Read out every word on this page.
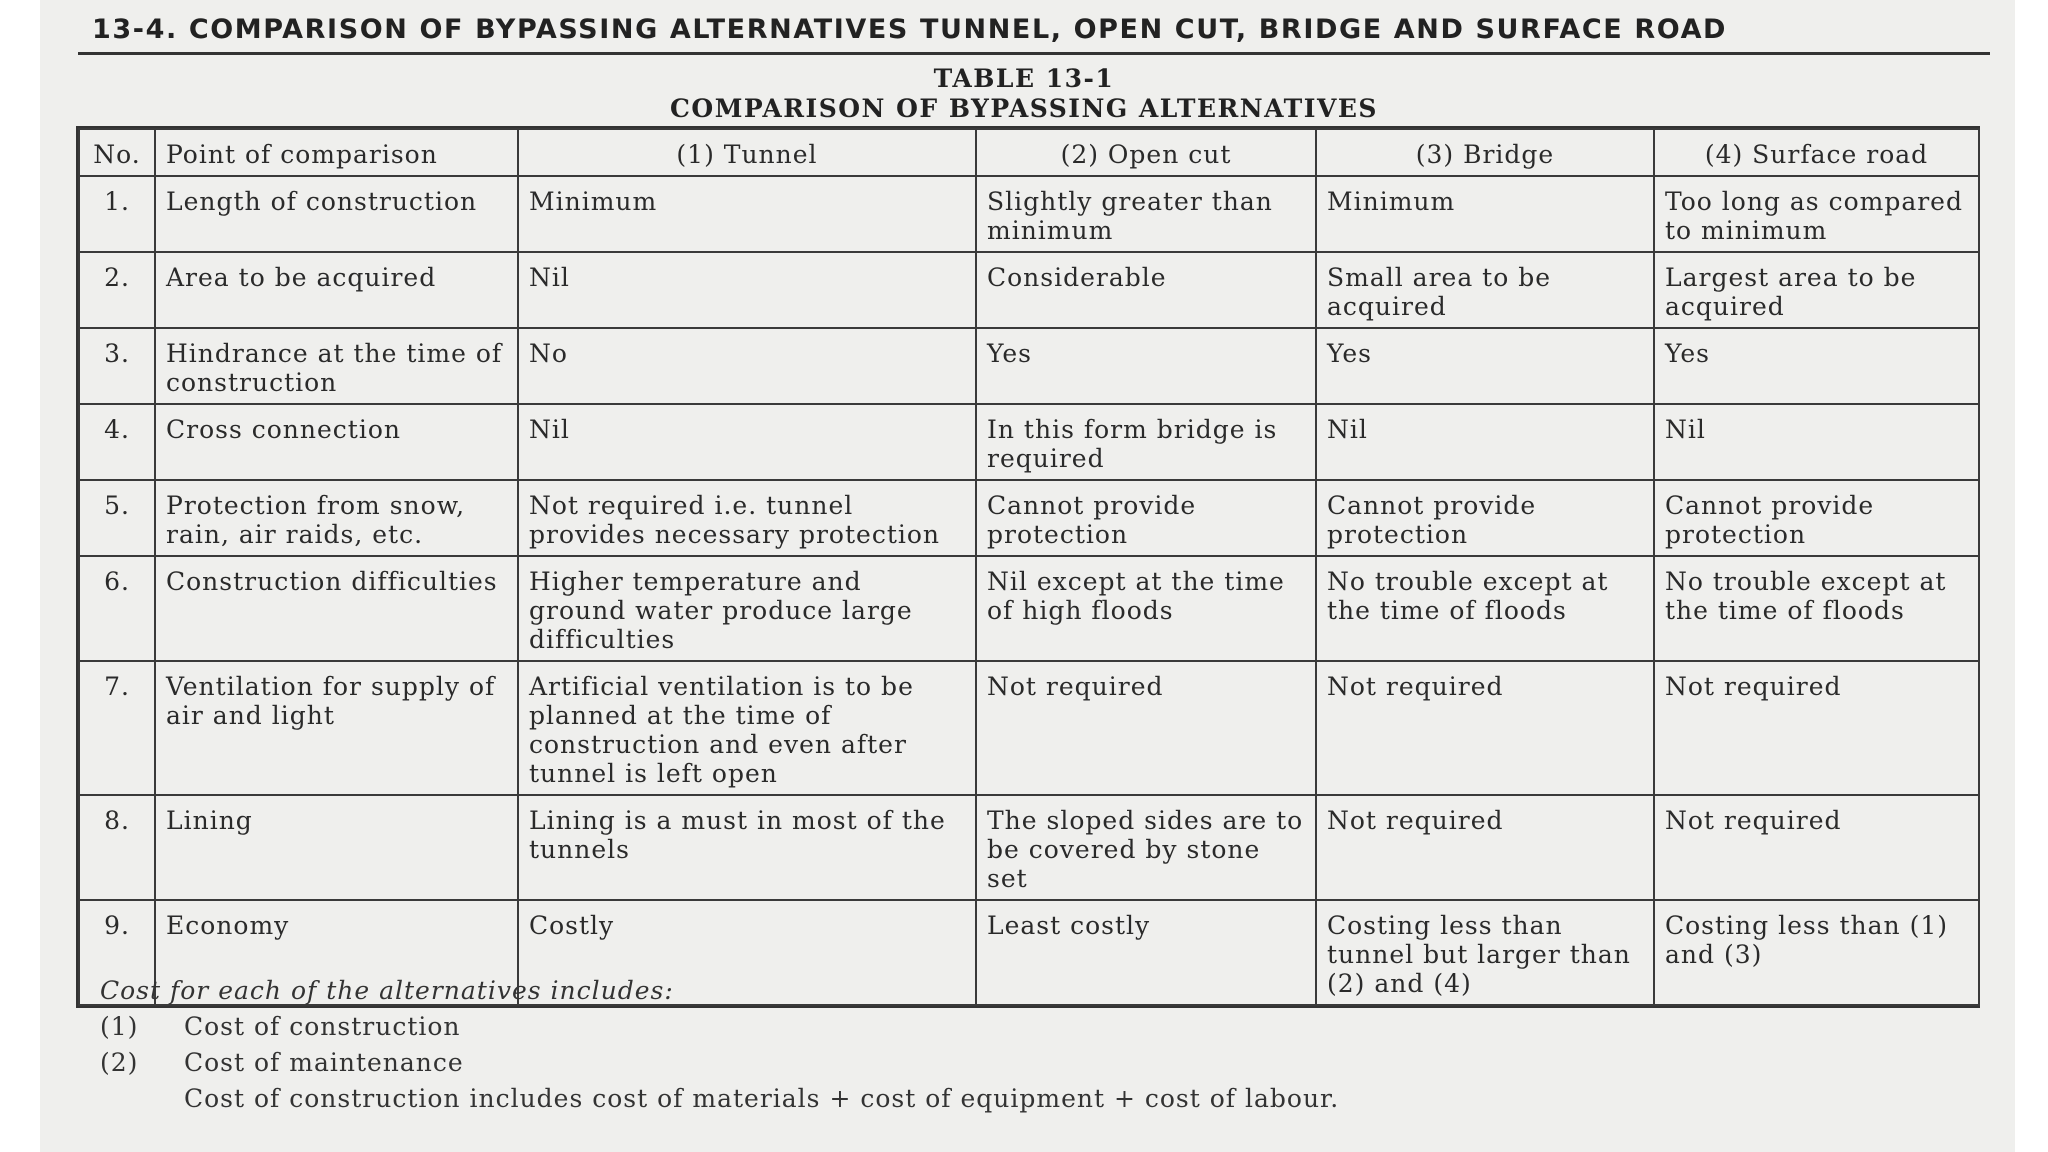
13-4. COMPARISON OF BYPASSING ALTERNATIVES TUNNEL, OPEN CUT, BRIDGE AND SURFACE ROAD
TABLE 13-1
COMPARISON OF BYPASSING ALTERNATIVES
No.	Point of comparison	(1) Tunnel	(2) Open cut	(3) Bridge	(4) Surface road
1.	Length of construction	Minimum	Slightly greater than minimum	Minimum	Too long as compared to minimum
2.	Area to be acquired	Nil	Considerable	Small area to be acquired	Largest area to be acquired
3.	Hindrance at the time of construction	No	Yes	Yes	Yes
4.	Cross connection	Nil	In this form bridge is required	Nil	Nil
5.	Protection from snow, rain, air raids, etc.	Not required i.e. tunnel provides necessary protection	Cannot provide protection	Cannot provide protection	Cannot provide protection
6.	Construction difficulties	Higher temperature and ground water produce large difficulties	Nil except at the time of high floods	No trouble except at the time of floods	No trouble except at the time of floods
7.	Ventilation for supply of air and light	Artificial ventilation is to be planned at the time of construction and even after tunnel is left open	Not required	Not required	Not required
8.	Lining	Lining is a must in most of the tunnels	The sloped sides are to be covered by stone set	Not required	Not required
9.	Economy	Costly	Least costly	Costing less than tunnel but larger than (2) and (4)	Costing less than (1) and (3)
Cost for each of the alternatives includes:
(1)	Cost of construction
(2)	Cost of maintenance
Cost of construction includes cost of materials + cost of equipment + cost of labour.
